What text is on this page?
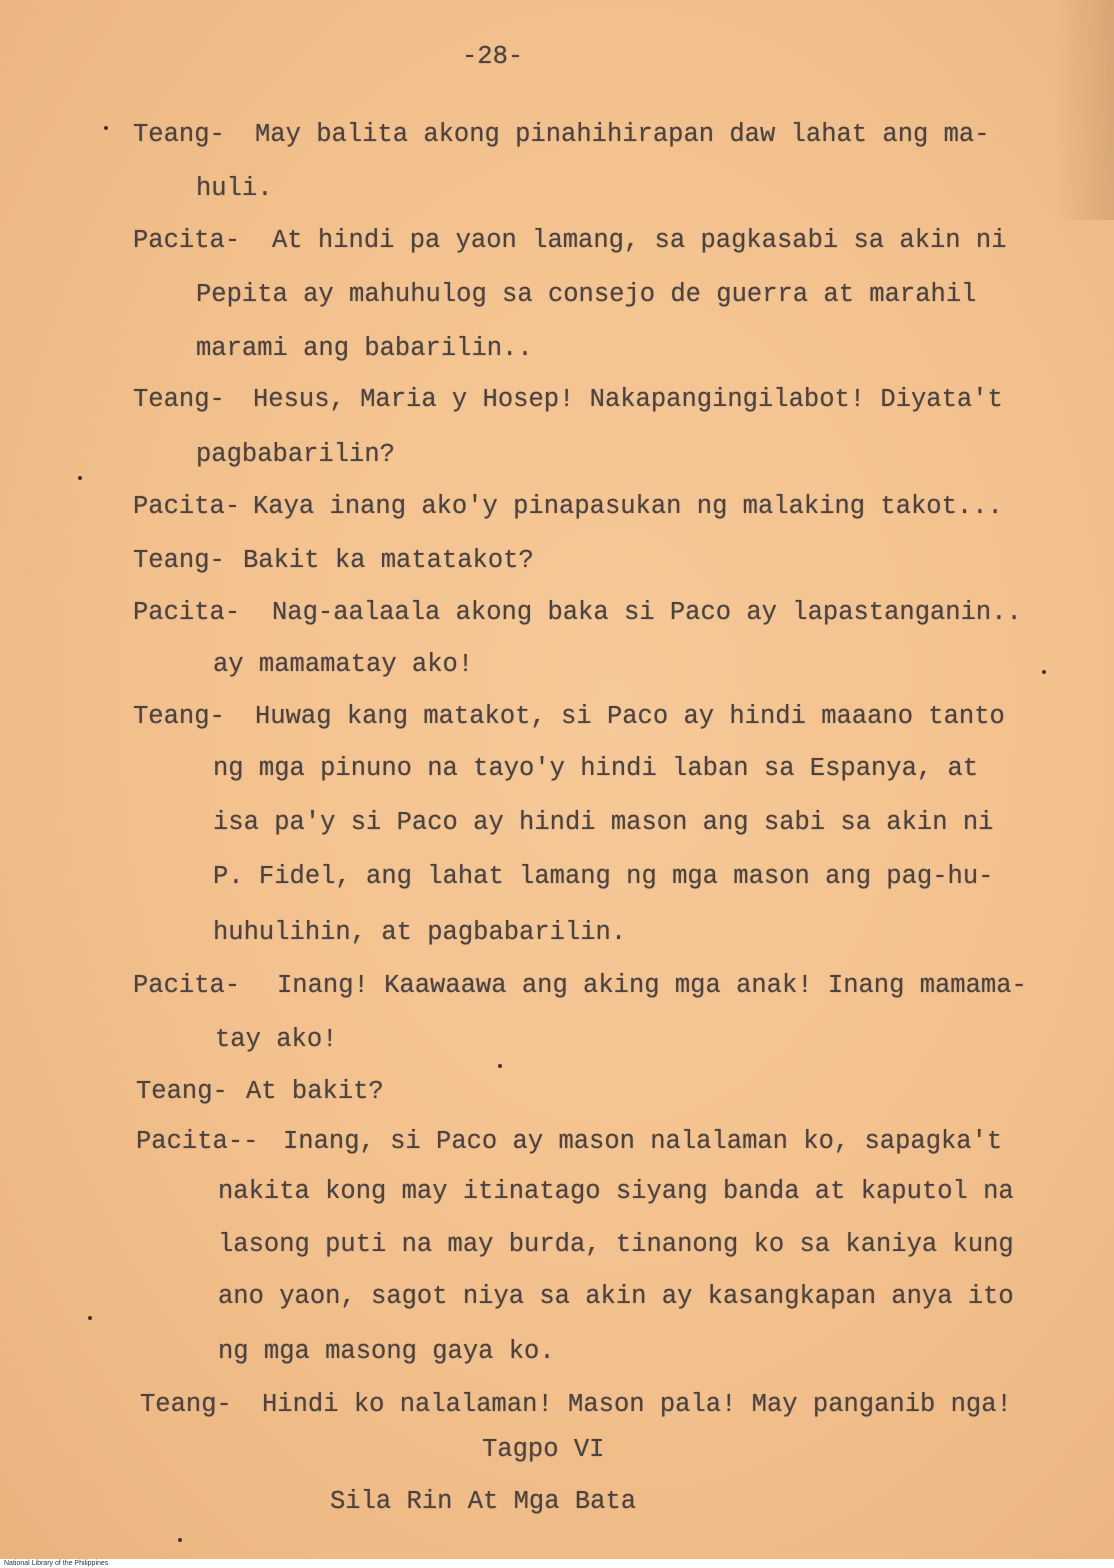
-28-
Teang- May balita akong pinahihirapan daw lahat ang ma-
huli.
Pacita- At hindi pa yaon lamang, sa pagkasabi sa akin ni
Pepita ay mahuhulog sa consejo de guerra at marahil
marami ang babarilin..
Teang- Hesus, Maria y Hosep! Nakapangingilabot! Diyata't
pagbabarilin?
Pacita- Kaya inang ako'y pinapasukan ng malaking takot...
Teang- Bakit ka matatakot?
Pacita- Nag-aalaala akong baka si Paco ay lapastanganin..
ay mamamatay ako!
Teang- Huwag kang matakot, si Paco ay hindi maaano tanto
ng mga pinuno na tayo'y hindi laban sa Espanya, at
isa pa'y si Paco ay hindi mason ang sabi sa akin ni
P. Fidel, ang lahat lamang ng mga mason ang pag-hu-
huhulihin, at pagbabarilin.
Pacita- Inang! Kaawaawa ang aking mga anak! Inang mamama-
tay ako!
Teang- At bakit?
Pacita-- Inang, si Paco ay mason nalalaman ko, sapagka't
nakita kong may itinatago siyang banda at kaputol na
lasong puti na may burda, tinanong ko sa kaniya kung
ano yaon, sagot niya sa akin ay kasangkapan anya ito
ng mga masong gaya ko.
Teang- Hindi ko nalalaman! Mason pala! May panganib nga!
Tagpo VI
Sila Rin At Mga Bata
National Library of the Philippines
